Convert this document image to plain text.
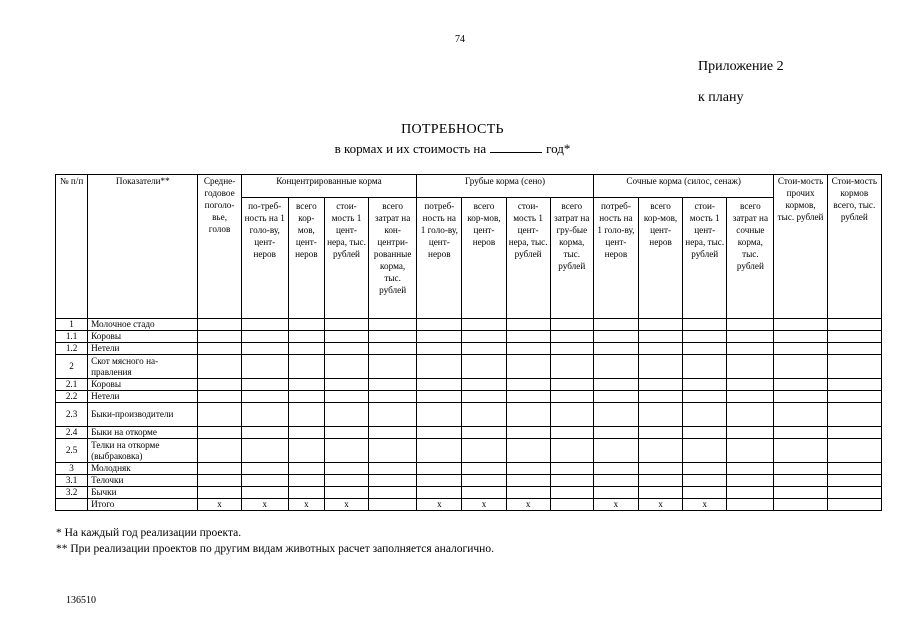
74
Приложение 2
к плану
ПОТРЕБНОСТЬ
в кормах и их стоимость на	год*
№ п/п	Показатели**	Средне-годовое поголо-вье, голов	Концентрированные корма				Грубые корма (сено)				Сочные корма (силос, сенаж)				Стои-мость прочих кормов, тыс. рублей	Стои-мость кормов всего, тыс. рублей
			по-треб-ность на 1 голо-ву, цент-неров	всего кор-мов, цент-неров	стои-мость 1 цент-нера, тыс. рублей	всего затрат на кон-центри-рованные корма, тыс. рублей	потреб-ность на 1 голо-ву, цент-неров	всего кор-мов, цент-неров	стои-мость 1 цент-нера, тыс. рублей	всего затрат на гру-бые корма, тыс. рублей	потреб-ность на 1 голо-ву, цент-неров	всего кор-мов, цент-неров	стои-мость 1 цент-нера, тыс. рублей	всего затрат на сочные корма, тыс. рублей		
1	Молочное стадо															
1.1	Коровы															
1.2	Нетели															
2	Скот мясного на-правления															
2.1	Коровы															
2.2	Нетели															
2.3	Быки-производители															
2.4	Быки на откорме															
2.5	Телки на откорме (выбраковка)															
3	Молодняк															
3.1	Телочки															
3.2	Бычки															
	Итого	х	х	х	х		х	х	х		х	х	х			
* На каждый год реализации проекта.
** При реализации проектов по другим видам животных расчет заполняется аналогично.
136510
